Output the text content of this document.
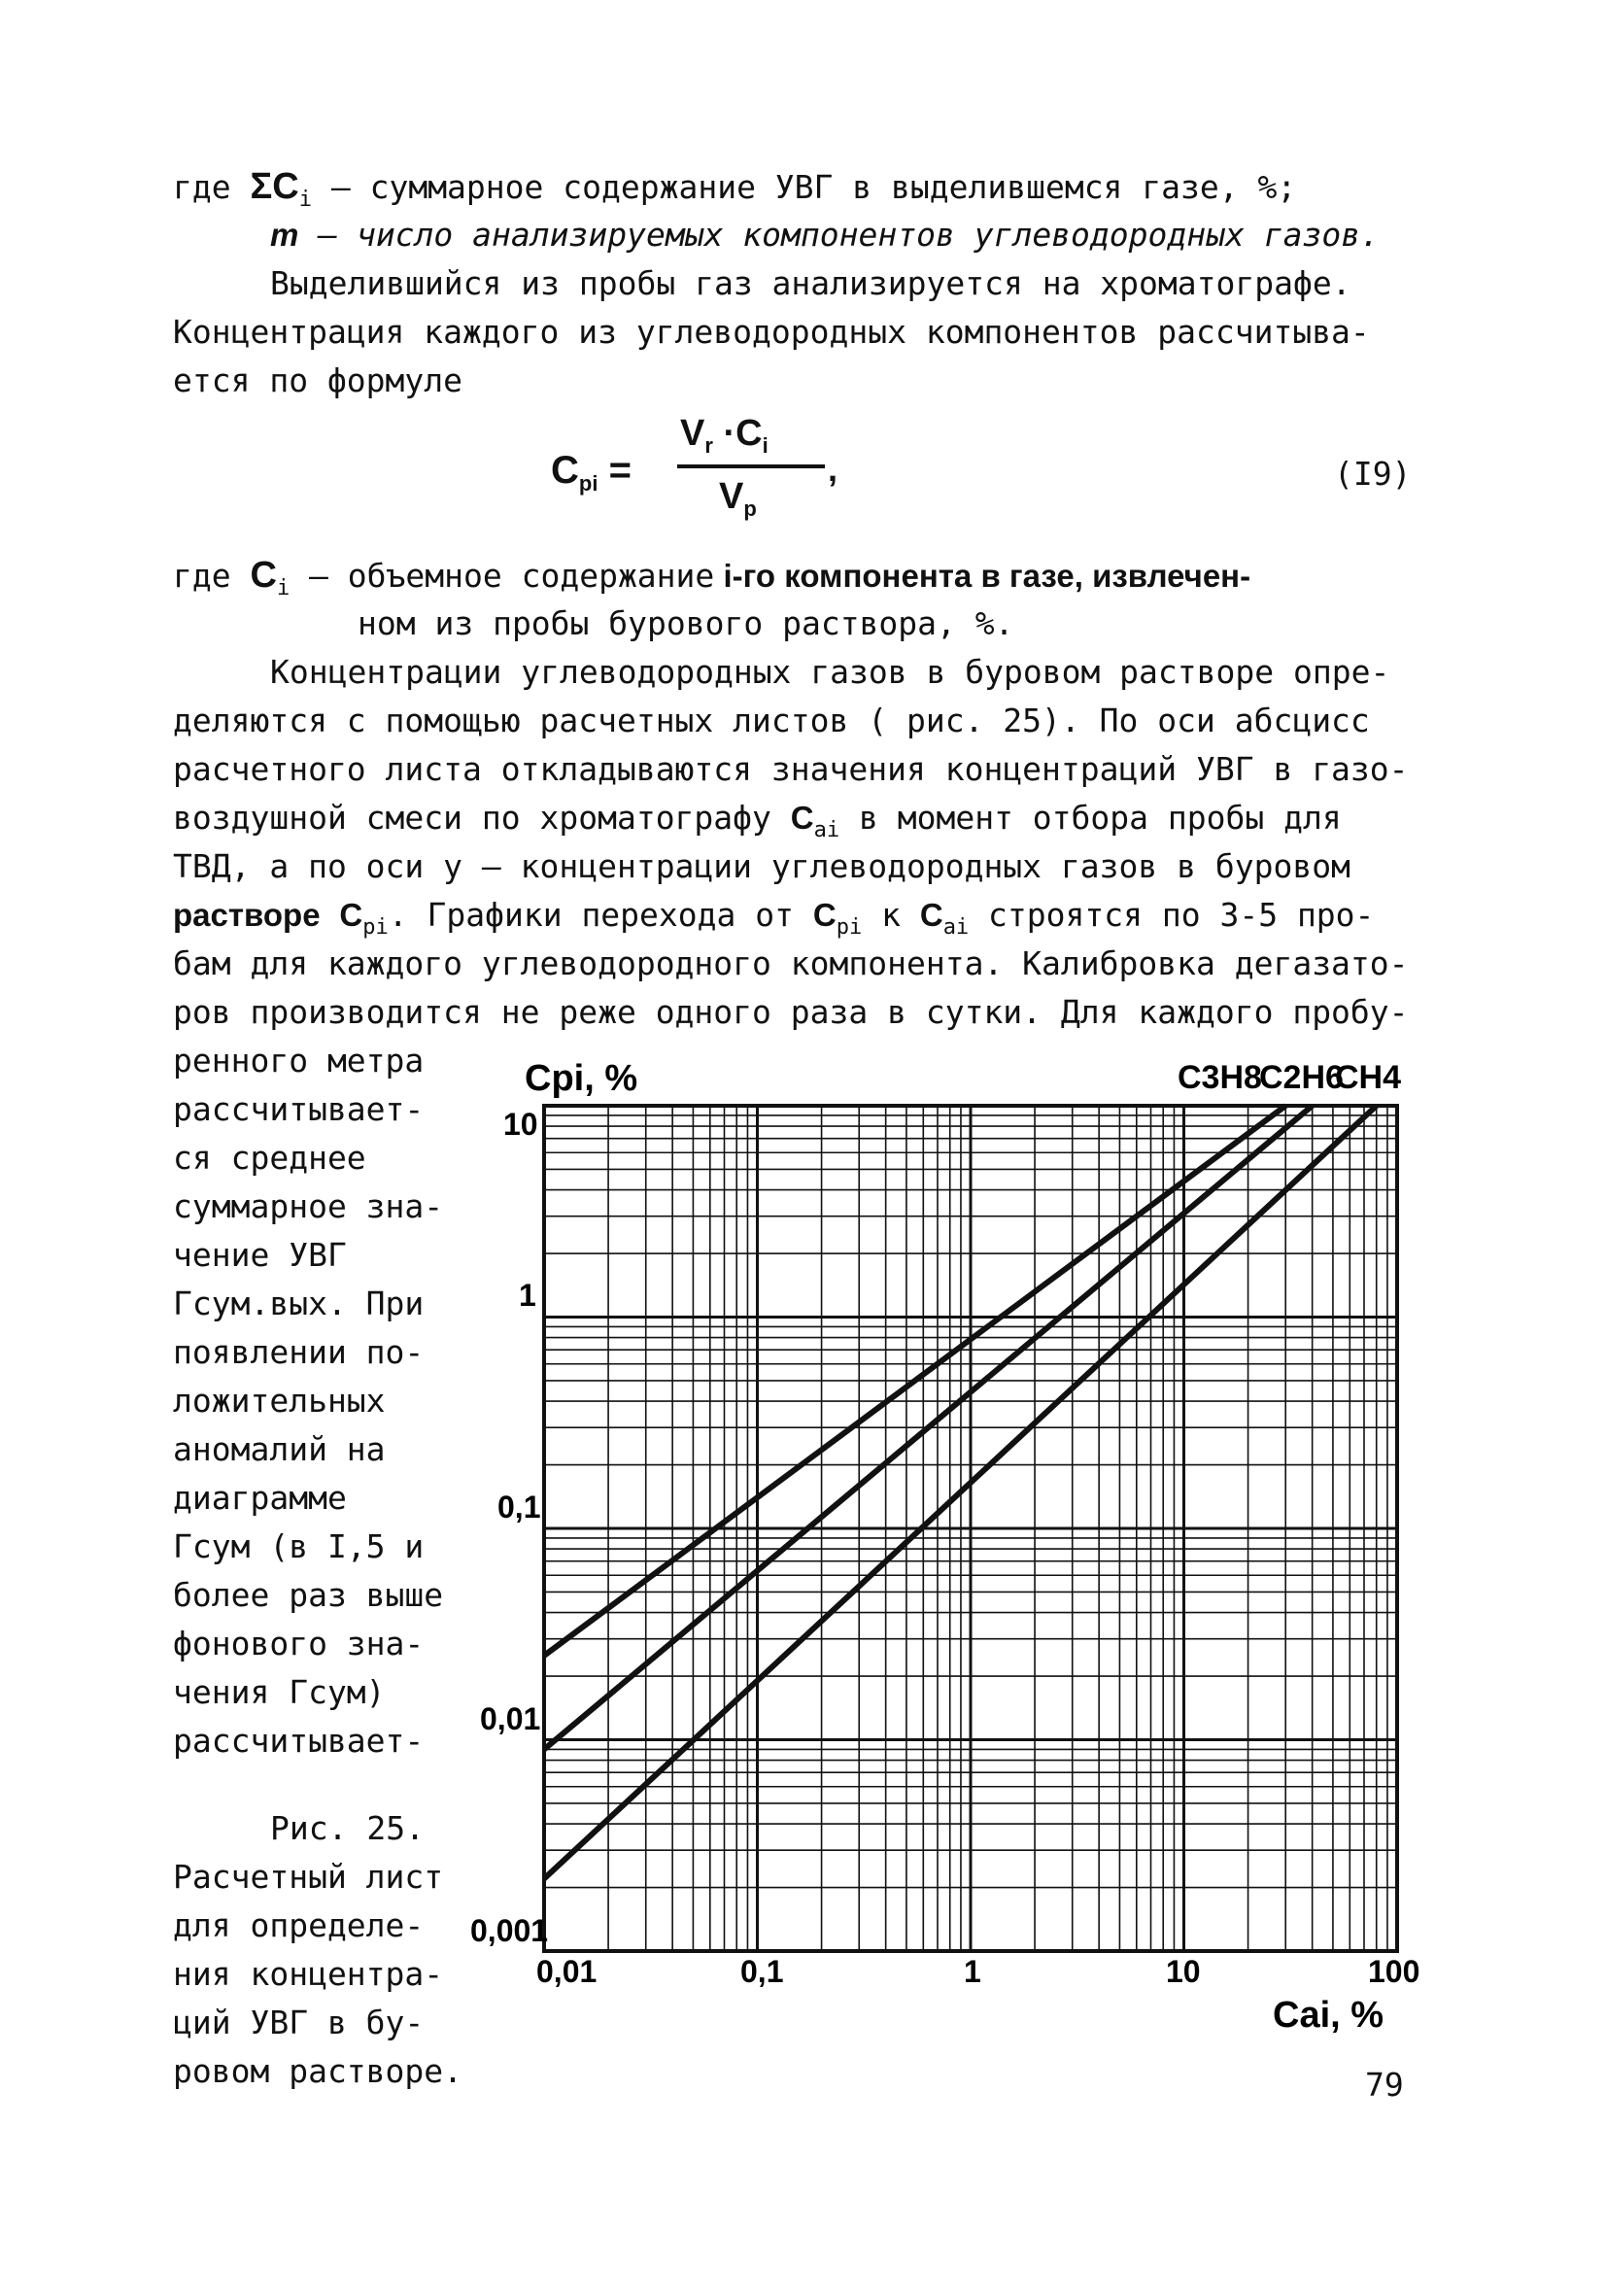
где $\Sigma C_i$ – суммарное содержание УВГ в выделившемся газе, %;
m – число анализируемых компонентов углеводородных газов.
Выделившийся из пробы газ анализируется на хроматографе.
Концентрация каждого из углеводородных компонентов рассчитыва-
ется по формуле
$C_{pi}$ =
$V_r \cdot C_i$
$V_p$
,	(I9)
где $C_i$ – объемное содержание i-го компонента в газе, извлечен-
ном из пробы бурового раствора, %.
Концентрации углеводородных газов в буровом растворе опре-
деляются с помощью расчетных листов ( рис. 25). По оси абсцисс
расчетного листа откладываются значения концентраций УВГ в газо-
воздушной смеси по хроматографу $C_{ai}$ в момент отбора пробы для
ТВД, а по оси y – концентрации углеводородных газов в буровом
растворе $C_{pi}$. Графики перехода от $C_{pi}$ к $C_{ai}$ строятся по 3-5 про-
бам для каждого углеводородного компонента. Калибровка дегазато-
ров производится не реже одного раза в сутки. Для каждого пробу-
ренного метра
рассчитывает-
ся среднее
суммарное зна-
чение УВГ
Гсум.вых. При
появлении по-
ложительных
аномалий на
диаграмме
Гсум (в I,5 и
более раз выше
фонового зна-
чения Гсум)
рассчитывает-
Рис. 25.
Расчетный лист
для определе-
ния концентра-
ций УВГ в бу-
ровом растворе.
Cpi, %	C3H8
C2H6
CH4
10
1
0,1
0,01
0,001
0,01	0,1	1	10	100
Cai, %
79
